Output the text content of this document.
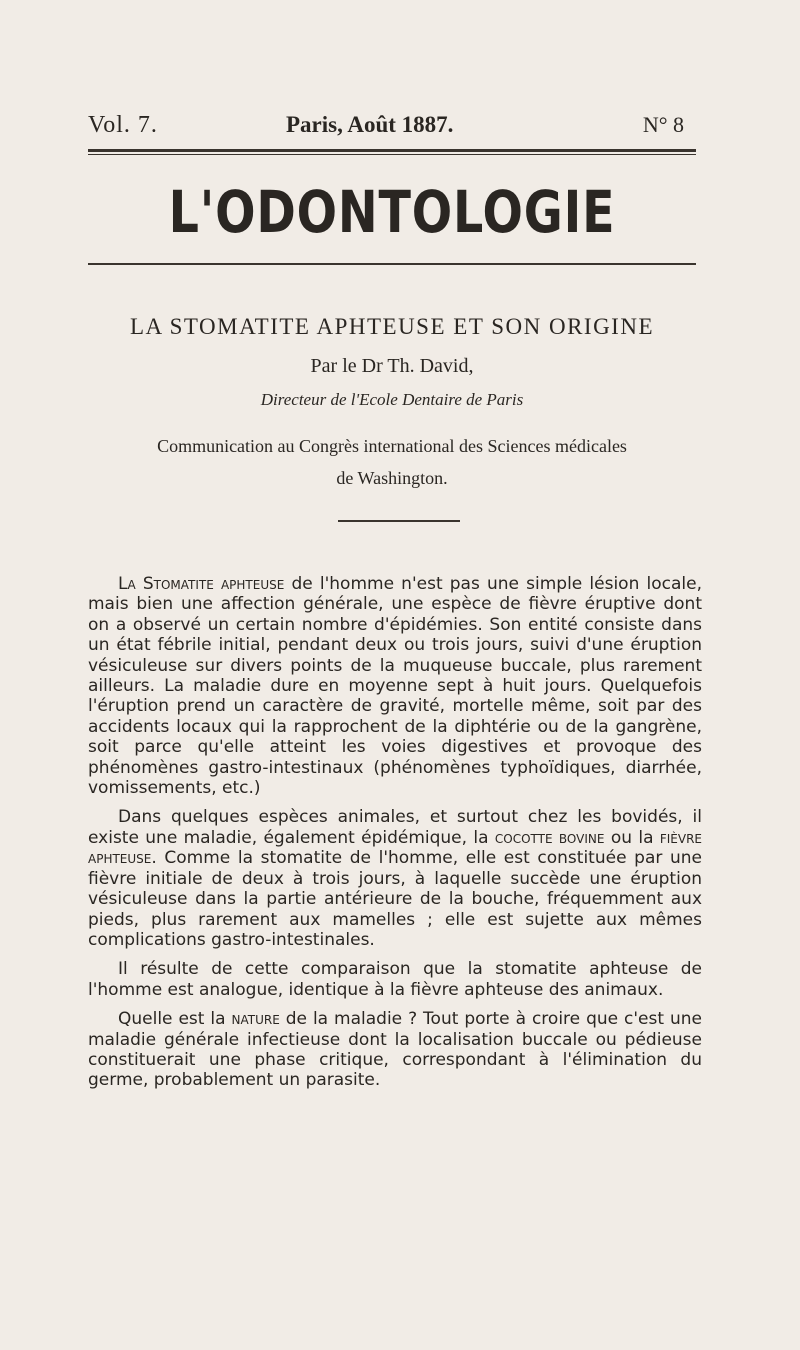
Vol. 7.	Paris, Août 1887.	N° 8
L'ODONTOLOGIE
LA STOMATITE APHTEUSE ET SON ORIGINE
Par le Dr Th. David,
Directeur de l'Ecole Dentaire de Paris
Communication au Congrès international des Sciences médicales
de Washington.

La Stomatite aphteuse de l'homme n'est pas une simple lésion locale, mais bien une affection générale, une espèce de fièvre éruptive dont on a observé un certain nombre d'épidémies. Son entité consiste dans un état fébrile initial, pendant deux ou trois jours, suivi d'une éruption vésiculeuse sur divers points de la muqueuse buccale, plus rarement ailleurs. La maladie dure en moyenne sept à huit jours. Quelquefois l'éruption prend un caractère de gravité, mortelle même, soit par des accidents locaux qui la rapprochent de la diphtérie ou de la gangrène, soit parce qu'elle atteint les voies digestives et provoque des phénomènes gastro-intestinaux (phénomènes typhoïdiques, diarrhée, vomissements, etc.)

Dans quelques espèces animales, et surtout chez les bovidés, il existe une maladie, également épidémique, la cocotte bovine ou la fièvre aphteuse. Comme la stomatite de l'homme, elle est constituée par une fièvre initiale de deux à trois jours, à laquelle succède une éruption vésiculeuse dans la partie antérieure de la bouche, fréquemment aux pieds, plus rarement aux mamelles ; elle est sujette aux mêmes complications gastro-intestinales.

Il résulte de cette comparaison que la stomatite aphteuse de l'homme est analogue, identique à la fièvre aphteuse des animaux.

Quelle est la nature de la maladie ? Tout porte à croire que c'est une maladie générale infectieuse dont la localisation buccale ou pédieuse constituerait une phase critique, correspondant à l'élimination du germe, probablement un parasite.
